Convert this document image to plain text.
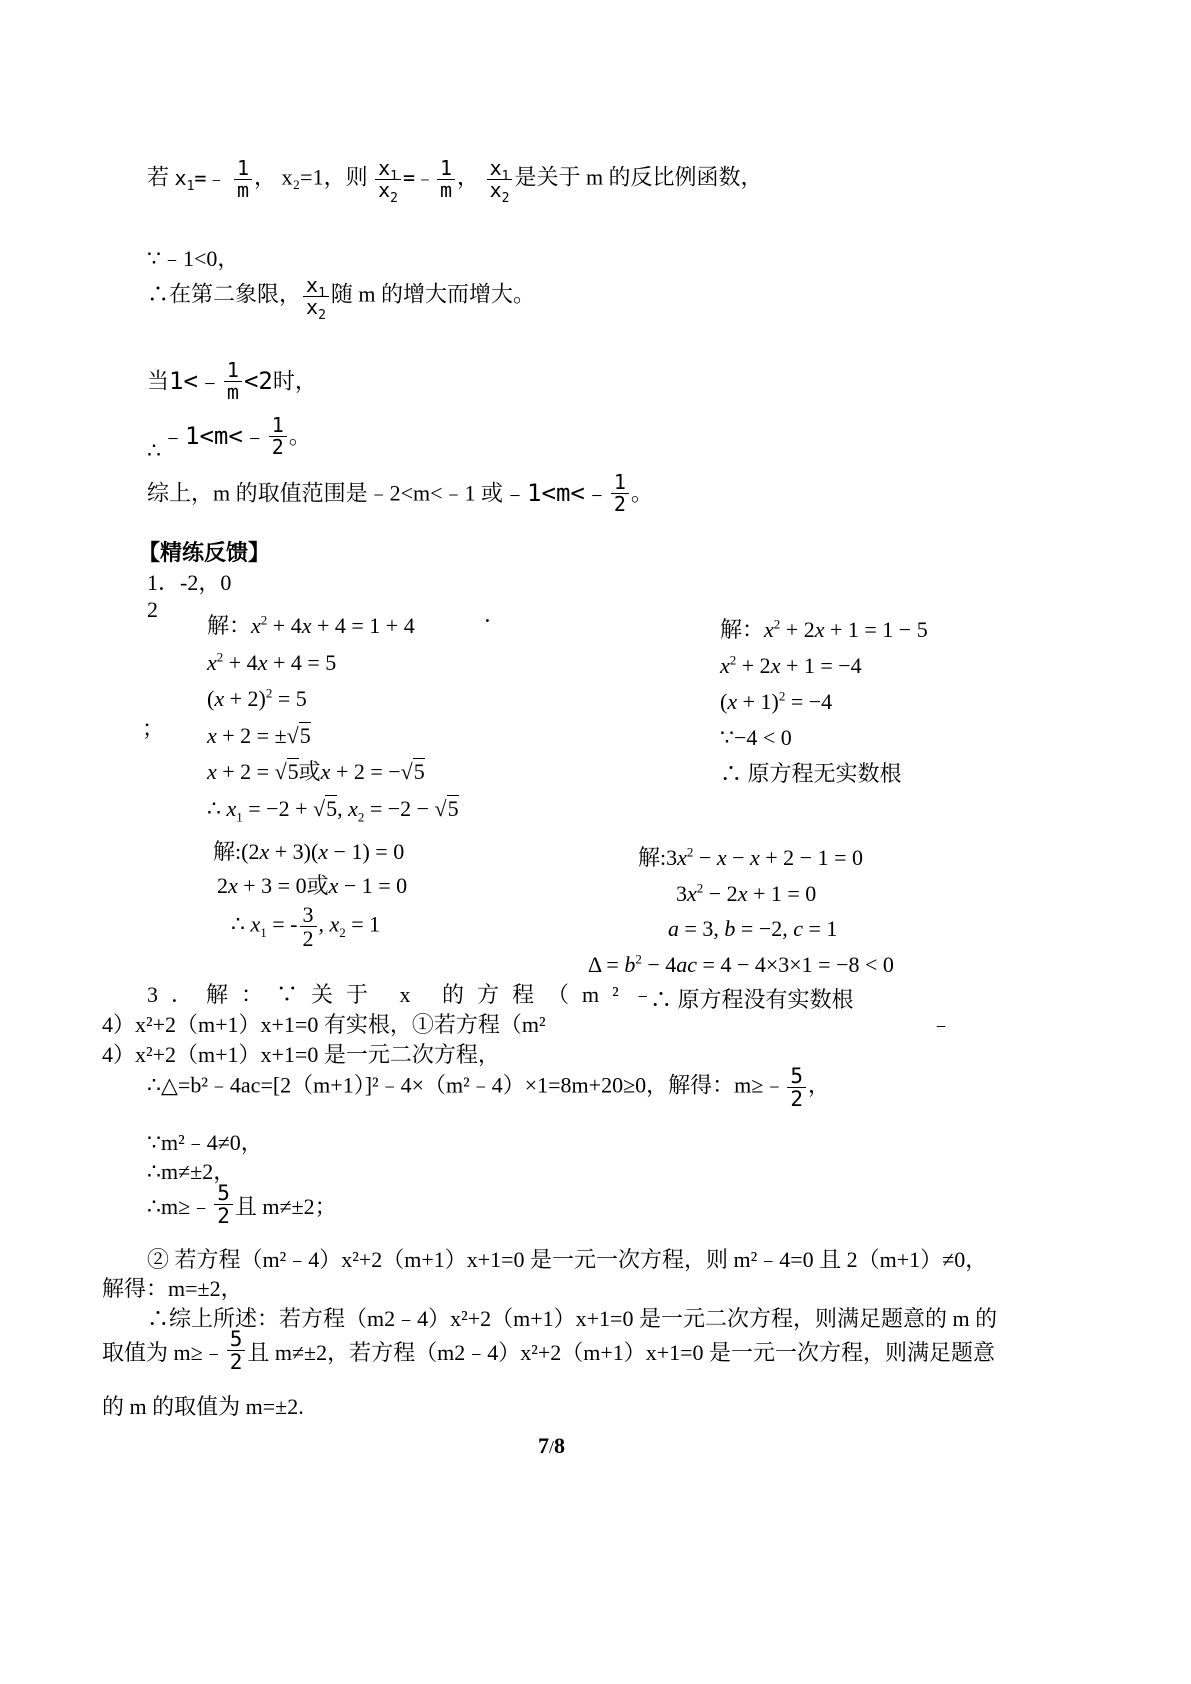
若 $x_1=﹣ \frac{1}{m}$ ， x₂=1，则 $\frac{x_1}{x_2}$ =﹣ $\frac{1}{m}$ ， $\frac{x_1}{x_2}$ 是关于 m 的反比例函数，
∵﹣1<0，
∴在第二象限， $\frac{x_1}{x_2}$ 随 m 的增大而增大。
当1<﹣ $\frac{1}{m} <2$时，
∴﹣1<m<﹣ $\frac{1}{2}$ 。
综上，m 的取值范围是﹣2<m<﹣1 或﹣1<m<﹣ $\frac{1}{2}$ 。
【精练反馈】
1．-2，0
2
；
．
解：$x^2 + 4x + 4 = 1 + 4$
$x^2 + 4x + 4 = 5$
$(x + 2)^2 = 5$
x + 2 = ±√5
x + 2 = √5或x + 2 = −√5
∴ $x_1 = -2 + √5$, $x_2 = -2 - √5$
解：$x^2 + 2x + 1 = 1 - 5$
$x^2 + 2x + 1 = -4$
$(x + 1)^2 = -4$
∵−4 < 0
∴ 原方程无实数根
解:(2x + 3)(x − 1) = 0
2x + 3 = 0或x − 1 = 0
∴ $x_1$ = - $\frac{3}{2}$ , $x_2 = 1$
解$:3x^2 - x - x + 2 - 1 = 0$
$3x^2 - 2x + 1 = 0$
a = 3, b = −2, c = 1
$\Delta = b^2 - 4ac = 4 - 4\times 3\times 1 = -8 < 0$
∴ 原方程没有实数根
3．解：∵关于 x 的方程（m²﹣
﹣
4）x²+2（m+1）x+1=0 有实根，①若方程（m²
4）x²+2（m+1）x+1=0 是一元二次方程，
∴△=b²﹣4ac=[2（m+1）]²﹣4×（m²﹣4）×1=8m+20≥0，解得：m≥﹣ $\frac{5}{2}$ ，
∵m²﹣4≠0，
∴m≠±2，
∴m≥﹣ $\frac{5}{2}$ 且 m≠±2；
② 若方程（m²﹣4）x²+2（m+1）x+1=0 是一元一次方程，则 m²﹣4=0 且 2（m+1）≠0，
解得：m=±2，
∴综上所述：若方程（m2﹣4）x²+2（m+1）x+1=0 是一元二次方程，则满足题意的 m 的
取值为 m≥﹣ $\frac{5}{2}$ 且 m≠±2，若方程（m2﹣4）x²+2（m+1）x+1=0 是一元一次方程，则满足题意
的 m 的取值为 m=±2.
7/8
